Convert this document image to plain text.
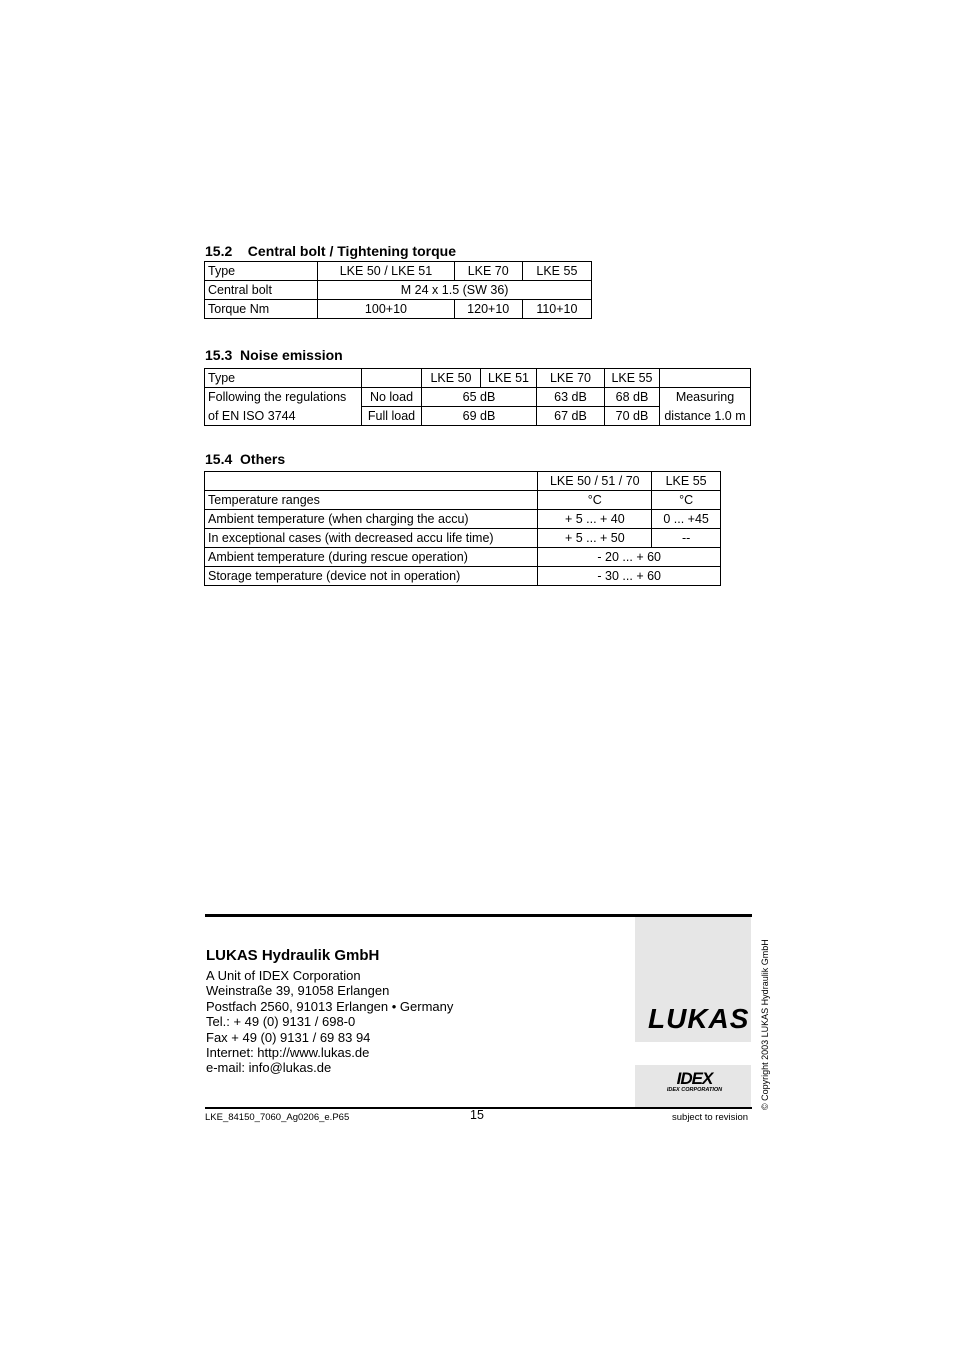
15.2    Central bolt / Tightening torque
Type	LKE 50 / LKE 51	LKE 70	LKE 55
Central bolt	M 24 x 1.5 (SW 36)		
Torque Nm	100+10	120+10	110+10
15.3  Noise emission
Type		LKE 50	LKE 51	LKE 70	LKE 55	
Following the regulations	No load	65 dB		63 dB	68 dB	Measuring
of EN ISO 3744	Full load	69 dB		67 dB	70 dB	distance 1.0 m
15.4  Others
	LKE 50 / 51 / 70	LKE 55
Temperature ranges	°C	°C
Ambient temperature (when charging the accu)	+ 5 ... + 40	0 ... +45
In exceptional cases (with decreased accu life time)	+ 5 ... + 50	--
Ambient temperature (during rescue operation)	- 20 ... + 60	
Storage temperature (device not in operation)	- 30 ... + 60	
LUKAS
IDEX
IDEX CORPORATION
LUKAS Hydraulik GmbH
A Unit of IDEX Corporation
Weinstraße 39, 91058 Erlangen
Postfach 2560, 91013 Erlangen • Germany
Tel.: + 49 (0) 9131 / 698-0
Fax + 49 (0) 9131 / 69 83 94
Internet: http://www.lukas.de
e-mail: info@lukas.de	© Copyright 2003 LUKAS Hydraulik GmbH
LKE_84150_7060_Ag0206_e.P65	15	subject to revision
